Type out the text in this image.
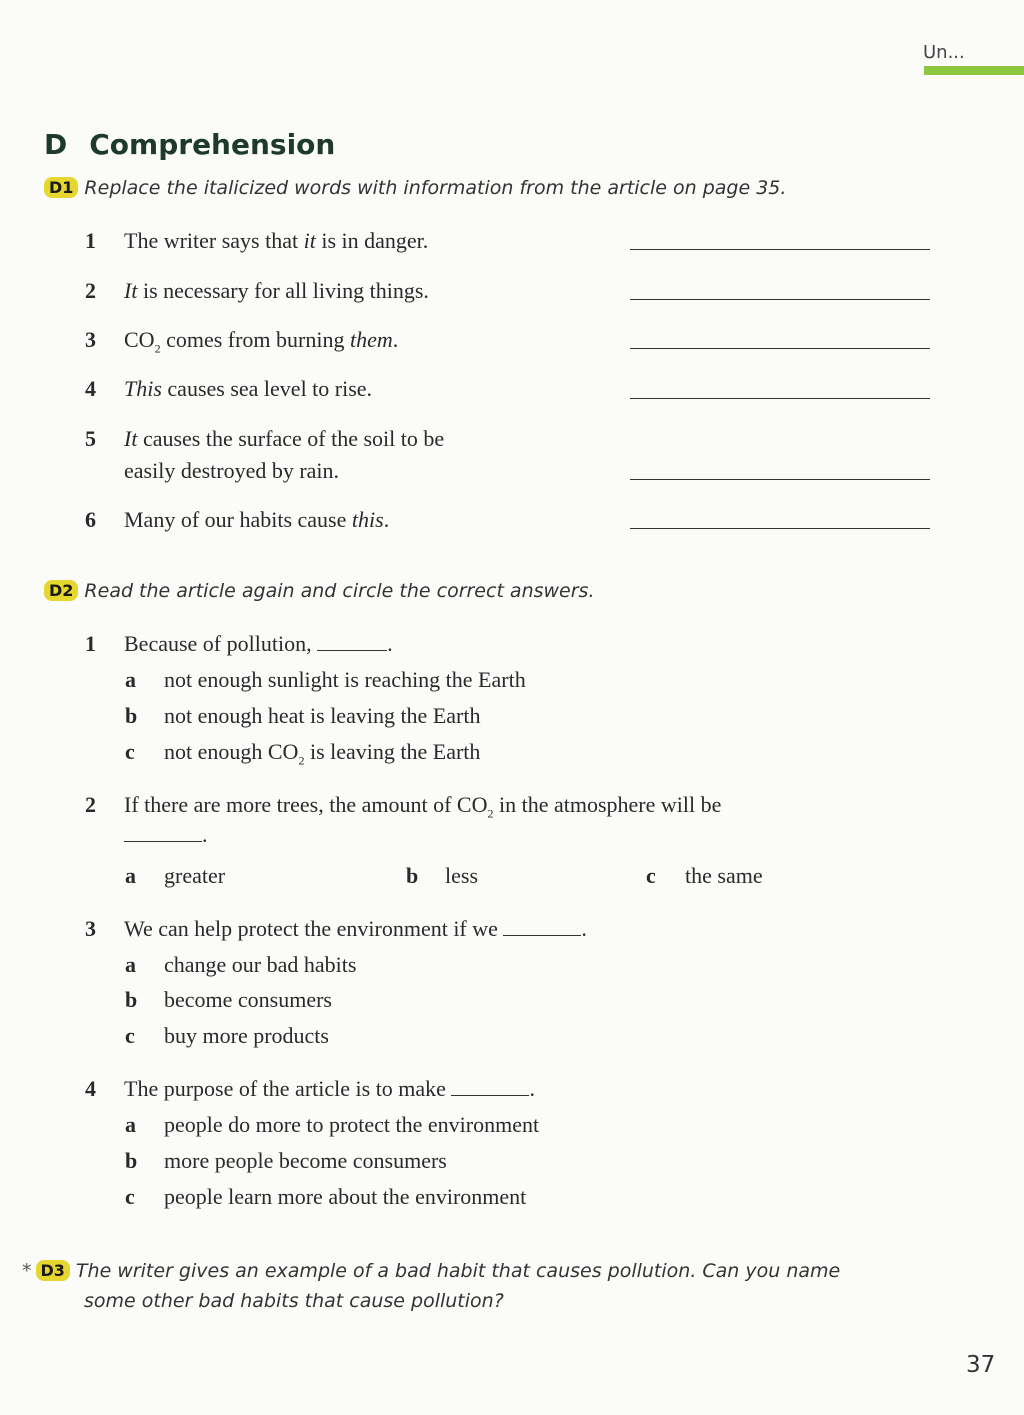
Un...
D Comprehension
D1 Replace the italicized words with information from the article on page 35.
1 The writer says that it is in danger.
2 It is necessary for all living things.
3 $CO_2$ comes from burning them.
4 This causes sea level to rise.
5 It causes the surface of the soil to be
easily destroyed by rain.
6 Many of our habits cause this.
D2 Read the article again and circle the correct answers.
1 Because of pollution,	.
a not enough sunlight is reaching the Earth
b not enough heat is leaving the Earth
c not enough $CO_2$ is leaving the Earth
2 If there are more trees, the amount of $CO_2$ in the atmosphere will be
.
a greater	b less	c the same
3 We can help protect the environment if we	.
a change our bad habits
b become consumers
c buy more products
4 The purpose of the article is to make	.
a people do more to protect the environment
b more people become consumers
c people learn more about the environment
* D3 The writer gives an example of a bad habit that causes pollution. Can you name
some other bad habits that cause pollution?
37
